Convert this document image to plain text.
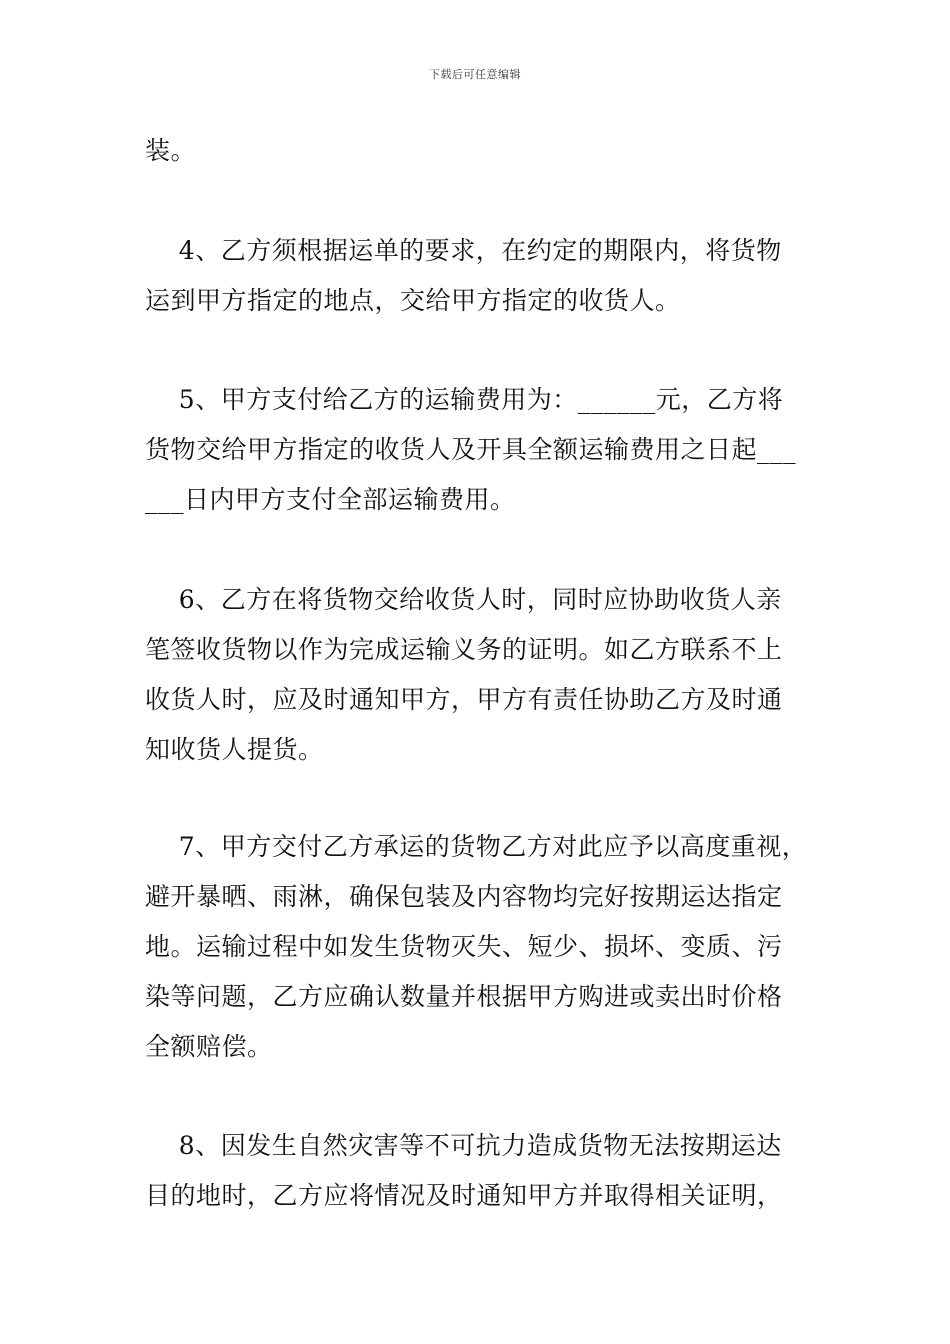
下载后可任意编辑
装。
4、乙方须根据运单的要求，在约定的期限内，将货物
运到甲方指定的地点，交给甲方指定的收货人。
5、甲方支付给乙方的运输费用为：______元，乙方将
货物交给甲方指定的收货人及开具全额运输费用之日起___
___日内甲方支付全部运输费用。
6、乙方在将货物交给收货人时，同时应协助收货人亲
笔签收货物以作为完成运输义务的证明。如乙方联系不上
收货人时，应及时通知甲方，甲方有责任协助乙方及时通
知收货人提货。
7、甲方交付乙方承运的货物乙方对此应予以高度重视，
避开暴晒、雨淋，确保包装及内容物均完好按期运达指定
地。运输过程中如发生货物灭失、短少、损坏、变质、污
染等问题，乙方应确认数量并根据甲方购进或卖出时价格
全额赔偿。
8、因发生自然灾害等不可抗力造成货物无法按期运达
目的地时，乙方应将情况及时通知甲方并取得相关证明，
